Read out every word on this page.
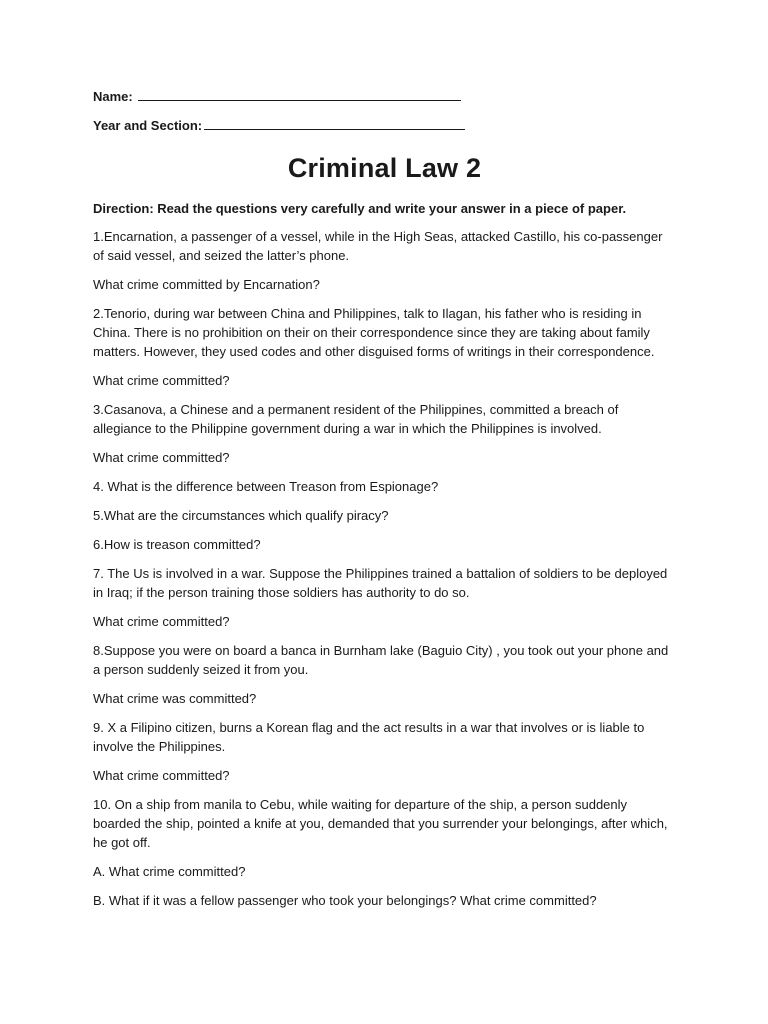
Name:
Year and Section:
Criminal Law 2
Direction: Read the questions very carefully and write your answer in a piece of paper.

1.Encarnation, a passenger of a vessel, while in the High Seas, attacked Castillo, his co-passenger of said vessel, and seized the latter’s phone.

What crime committed by Encarnation?

2.Tenorio, during war between China and Philippines, talk to Ilagan, his father who is residing in China. There is no prohibition on their on their correspondence since they are taking about family matters. However, they used codes and other disguised forms of writings in their correspondence.

What crime committed?

3.Casanova, a Chinese and a permanent resident of the Philippines, committed a breach of allegiance to the Philippine government during a war in which the Philippines is involved.

What crime committed?

4. What is the difference between Treason from Espionage?

5.What are the circumstances which qualify piracy?

6.How is treason committed?

7. The Us is involved in a war. Suppose the Philippines trained a battalion of soldiers to be deployed in Iraq; if the person training those soldiers has authority to do so.

What crime committed?

8.Suppose you were on board a banca in Burnham lake (Baguio City) , you took out your phone and a person suddenly seized it from you.

What crime was committed?

9. X a Filipino citizen, burns a Korean flag and the act results in a war that involves or is liable to involve the Philippines.

What crime committed?

10. On a ship from manila to Cebu, while waiting for departure of the ship, a person suddenly boarded the ship, pointed a knife at you, demanded that you surrender your belongings, after which, he got off.

A. What crime committed?

B. What if it was a fellow passenger who took your belongings? What crime committed?
